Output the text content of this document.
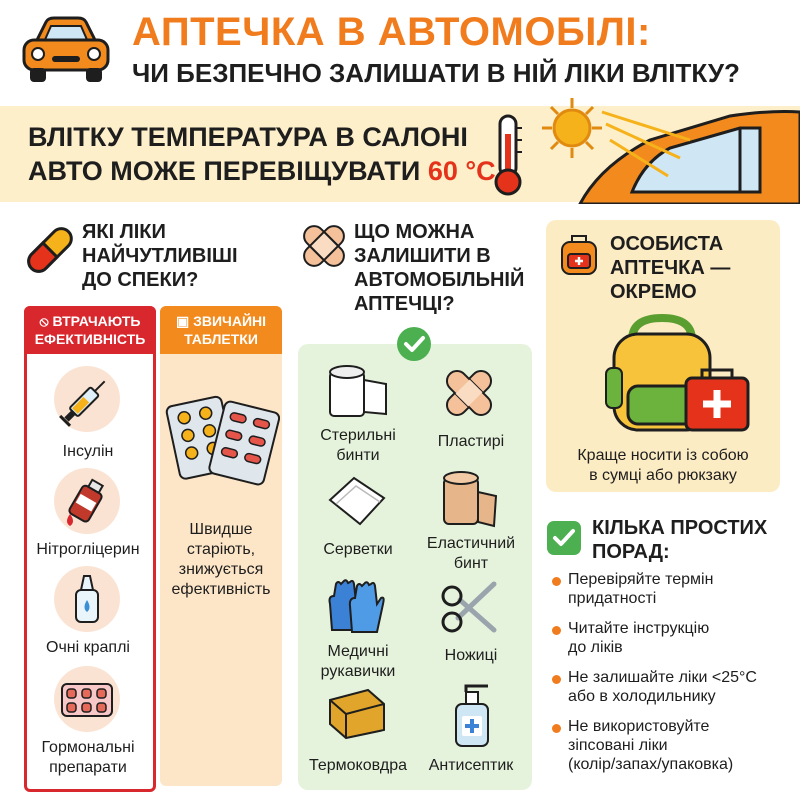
АПТЕЧКА В АВТОМОБІЛІ:
ЧИ БЕЗПЕЧНО ЗАЛИШАТИ В НІЙ ЛІКИ ВЛІТКУ?
ВЛІТКУ ТЕМПЕРАТУРА В САЛОНІ
АВТО МОЖЕ ПЕРЕВІЩУВАТИ 60 °C
ЯКІ ЛІКИ
НАЙЧУТЛИВІШІ
ДО СПЕКИ?
⦸ ВТРАЧАЮТЬ
ЕФЕКТИВНІСТЬ
Інсулін
Нітрогліцерин
Очні краплі
Гормональні препарати
▣ ЗВИЧАЙНІ
ТАБЛЕТКИ
Швидше
старіють,
знижується
ефективність
ЩО МОЖНА
ЗАЛИШИТИ В
АВТОМОБІЛЬНІЙ
АПТЕЧЦІ?
Стерильні
бинти
Пластирі
Серветки	Еластичний
бинт
Медичні
рукавички
Ножиці
Термоковдра	Антисептик
ОСОБИСТА
АПТЕЧКА —
ОКРЕМО
Краще носити із собою
в сумці або рюкзаку
КІЛЬКА ПРОСТИХ
ПОРАД:
Перевіряйте термін
придатності
Читайте інструкцію
до ліків
Не залишайте ліки <25°C
або в холодильнику
Не використовуйте
зіпсовані ліки
(колір/запах/упаковка)
